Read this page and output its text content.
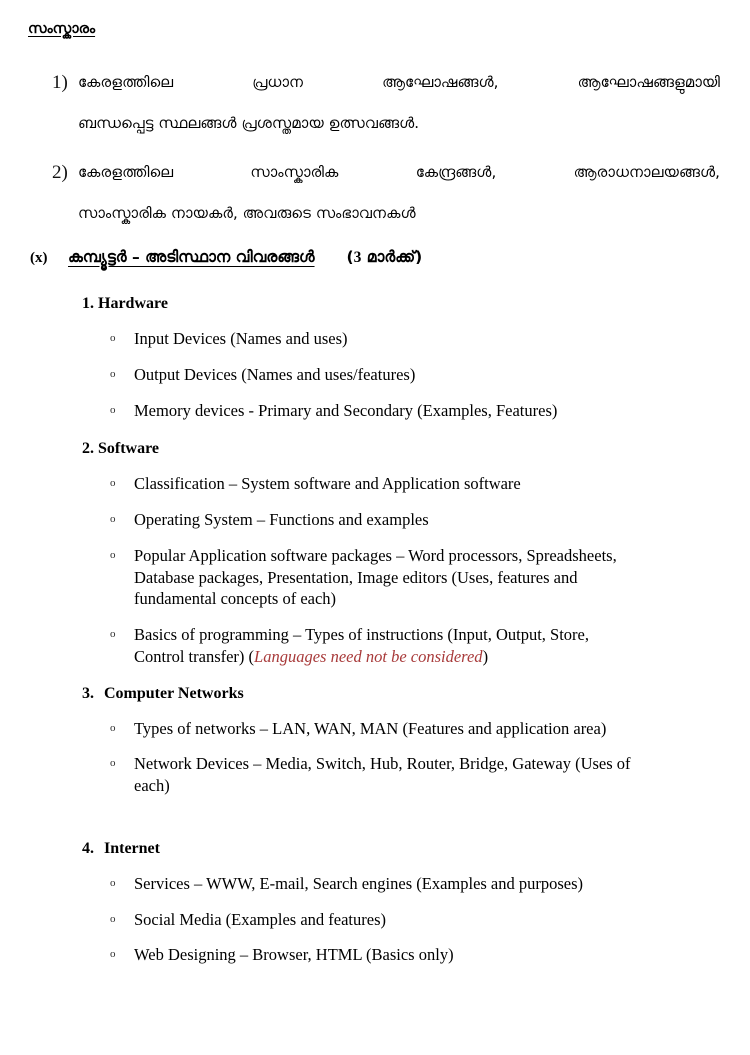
സംസ്കാരം
1) കേരളത്തിലെ	പ്രധാന	ആഘോഷങ്ങൾ,	ആഘോഷങ്ങളുമായി
ബന്ധപ്പെട്ട സ്ഥലങ്ങൾ പ്രശസ്തമായ ഉത്സവങ്ങൾ.
2) കേരളത്തിലെ	സാംസ്കാരിക	കേന്ദ്രങ്ങൾ,	ആരാധനാലയങ്ങൾ,
സാംസ്കാരിക നായകർ, അവരുടെ സംഭാവനകൾ
(x)	കമ്പ്യൂട്ടർ – അടിസ്ഥാന വിവരങ്ങൾ (3 മാർക്ക്)
1. Hardware
o	Input Devices (Names and uses)
o	Output Devices (Names and uses/features)
o	Memory devices - Primary and Secondary (Examples, Features)
2. Software
o	Classification – System software and Application software
o	Operating System – Functions and examples
o	Popular Application software packages – Word processors, Spreadsheets, Database packages, Presentation, Image editors (Uses, features and fundamental concepts of each)
o	Basics of programming – Types of instructions (Input, Output, Store, Control transfer) (Languages need not be considered)
3. Computer Networks
o	Types of networks – LAN, WAN, MAN (Features and application area)
o	Network Devices – Media, Switch, Hub, Router, Bridge, Gateway (Uses of each)
4. Internet
o	Services – WWW, E-mail, Search engines (Examples and purposes)
o	Social Media (Examples and features)
o	Web Designing – Browser, HTML (Basics only)
